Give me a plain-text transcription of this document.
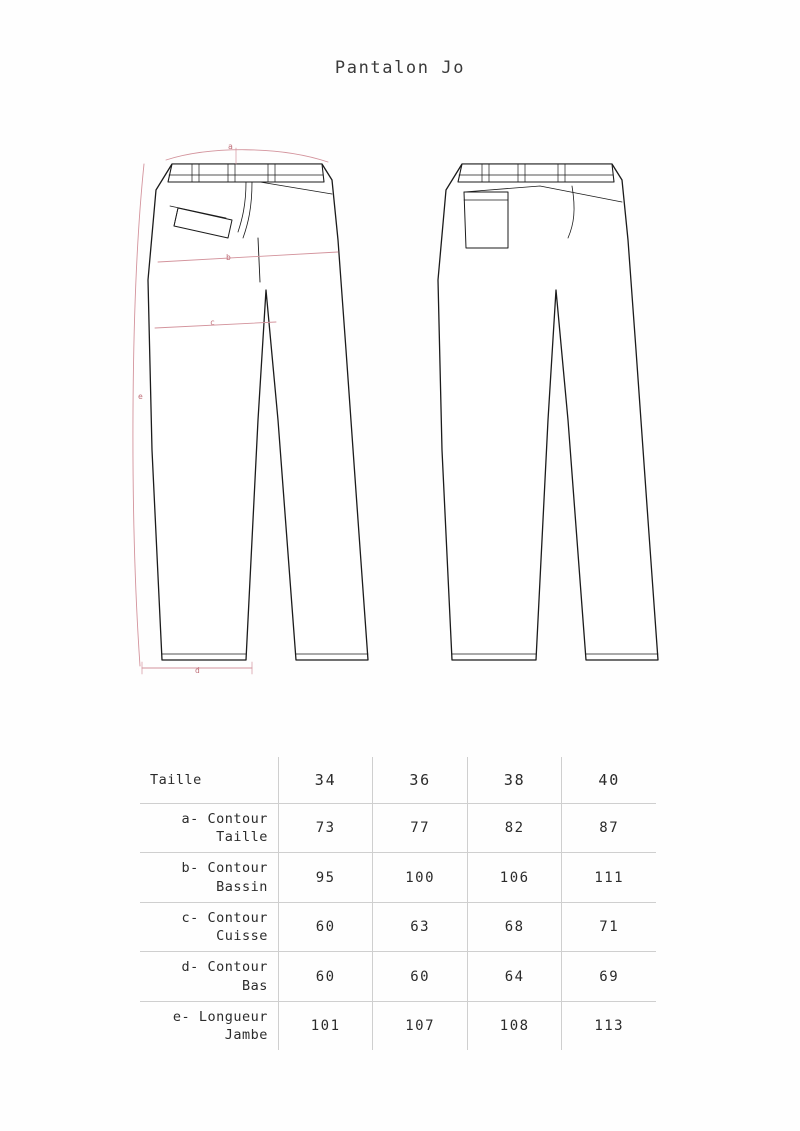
Pantalon Jo
a
b
c
d
e
Taille	34	36	38	40

a- Contour
Taille	73	77	82	87

b- Contour
Bassin	95	100	106	111

c- Contour
Cuisse	60	63	68	71

d- Contour
Bas	60	60	64	69

e- Longueur
Jambe	101	107	108	113
